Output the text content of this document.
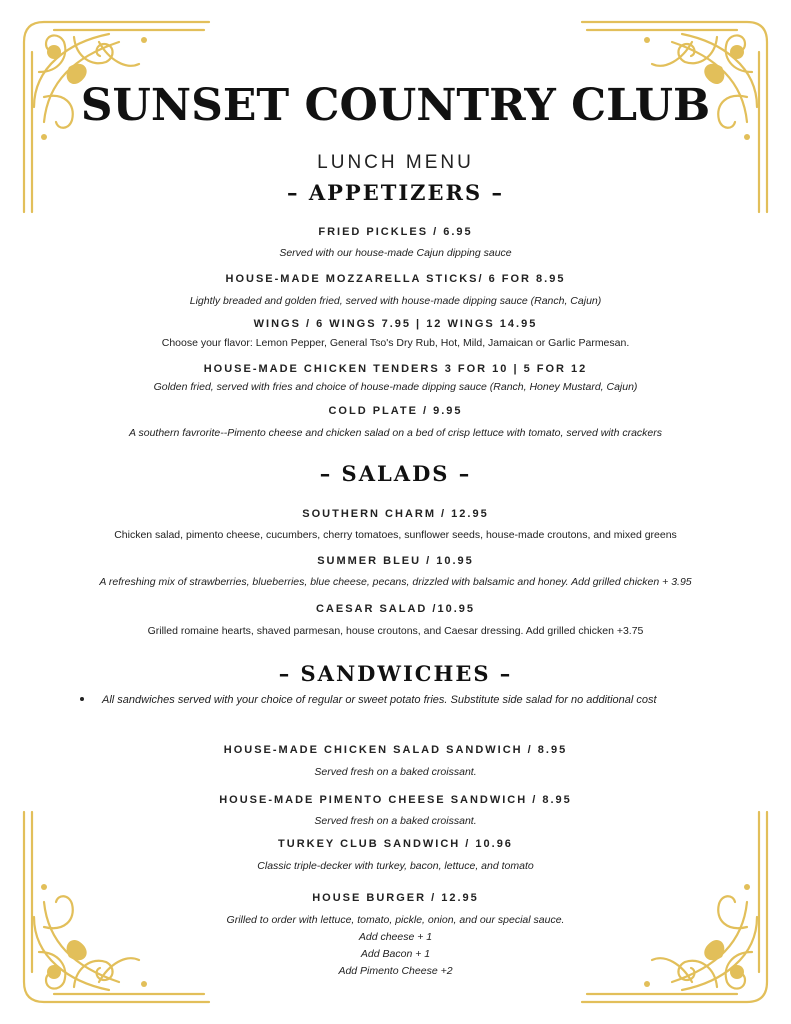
SUNSET COUNTRY CLUB
LUNCH MENU
– APPETIZERS –
FRIED PICKLES / 6.95
Served with our house-made Cajun dipping sauce
HOUSE-MADE MOZZARELLA STICKS/ 6 FOR 8.95
Lightly breaded and golden fried, served with house-made dipping sauce (Ranch, Cajun)
WINGS / 6 WINGS 7.95 | 12 WINGS 14.95
Choose your flavor: Lemon Pepper, General Tso's Dry Rub, Hot, Mild, Jamaican or Garlic Parmesan.
HOUSE-MADE CHICKEN TENDERS 3 FOR 10 | 5 FOR 12
Golden fried, served with fries and choice of house-made dipping sauce (Ranch, Honey Mustard, Cajun)
COLD PLATE / 9.95
A southern favrorite--Pimento cheese and chicken salad on a bed of crisp lettuce with tomato, served with crackers
– SALADS –
SOUTHERN CHARM / 12.95
Chicken salad, pimento cheese, cucumbers, cherry tomatoes, sunflower seeds, house-made croutons, and mixed greens
SUMMER BLEU / 10.95
A refreshing mix of strawberries, blueberries, blue cheese, pecans, drizzled with balsamic and honey. Add grilled chicken + 3.95
CAESAR SALAD /10.95
Grilled romaine hearts, shaved parmesan, house croutons, and Caesar dressing. Add grilled chicken +3.75
– SANDWICHES –
All sandwiches served with your choice of regular or sweet potato fries. Substitute side salad for no additional cost
HOUSE-MADE CHICKEN SALAD SANDWICH / 8.95
Served fresh on a baked croissant.
HOUSE-MADE PIMENTO CHEESE SANDWICH / 8.95
Served fresh on a baked croissant.
TURKEY CLUB SANDWICH / 10.96
Classic triple-decker with turkey, bacon, lettuce, and tomato
HOUSE BURGER / 12.95
Grilled to order with lettuce, tomato, pickle, onion, and our special sauce.
Add cheese + 1
Add Bacon + 1
Add Pimento Cheese +2
